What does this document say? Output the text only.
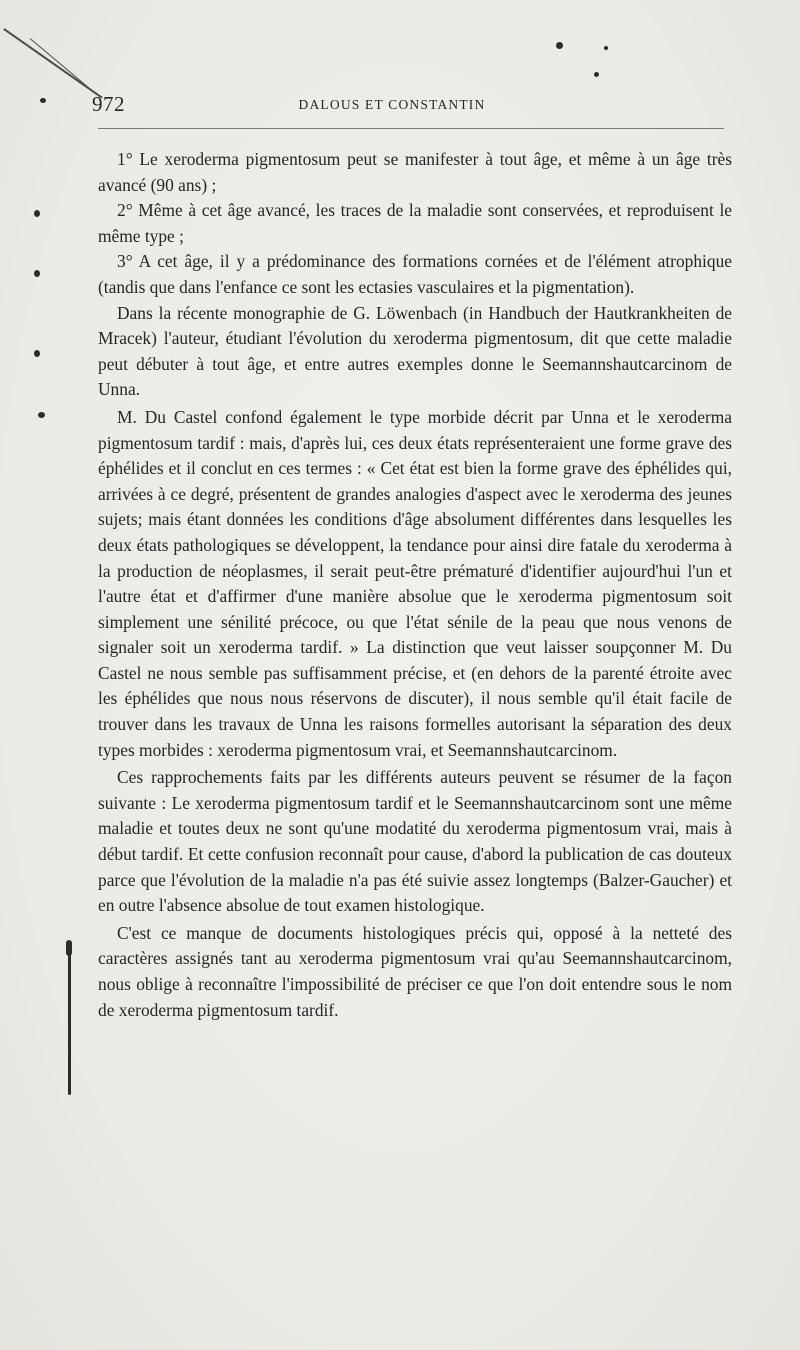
972	DALOUS ET CONSTANTIN

1° Le xeroderma pigmentosum peut se manifester à tout âge, et même à un âge très avancé (90 ans) ;

2° Même à cet âge avancé, les traces de la maladie sont conservées, et reproduisent le même type ;

3° A cet âge, il y a prédominance des formations cornées et de l'élément atrophique (tandis que dans l'enfance ce sont les ectasies vasculaires et la pigmentation).

Dans la récente monographie de G. Löwenbach (in Handbuch der Hautkrankheiten de Mracek) l'auteur, étudiant l'évolution du xeroderma pigmentosum, dit que cette maladie peut débuter à tout âge, et entre autres exemples donne le Seemannshautcarcinom de Unna.

M. Du Castel confond également le type morbide décrit par Unna et le xeroderma pigmentosum tardif : mais, d'après lui, ces deux états représenteraient une forme grave des éphélides et il conclut en ces termes : « Cet état est bien la forme grave des éphélides qui, arrivées à ce degré, présentent de grandes analogies d'aspect avec le xeroderma des jeunes sujets; mais étant données les conditions d'âge absolument différentes dans lesquelles les deux états pathologiques se développent, la tendance pour ainsi dire fatale du xeroderma à la production de néoplasmes, il serait peut-être prématuré d'identifier aujourd'hui l'un et l'autre état et d'affirmer d'une manière absolue que le xeroderma pigmentosum soit simplement une sénilité précoce, ou que l'état sénile de la peau que nous venons de signaler soit un xeroderma tardif. » La distinction que veut laisser soupçonner M. Du Castel ne nous semble pas suffisamment précise, et (en dehors de la parenté étroite avec les éphélides que nous nous réservons de discuter), il nous semble qu'il était facile de trouver dans les travaux de Unna les raisons formelles autorisant la séparation des deux types morbides : xeroderma pigmentosum vrai, et Seemannshautcarcinom.

Ces rapprochements faits par les différents auteurs peuvent se résumer de la façon suivante : Le xeroderma pigmentosum tardif et le Seemannshautcarcinom sont une même maladie et toutes deux ne sont qu'une modatité du xeroderma pigmentosum vrai, mais à début tardif. Et cette confusion reconnaît pour cause, d'abord la publication de cas douteux parce que l'évolution de la maladie n'a pas été suivie assez longtemps (Balzer-Gaucher) et en outre l'absence absolue de tout examen histologique.

C'est ce manque de documents histologiques précis qui, opposé à la netteté des caractères assignés tant au xeroderma pigmentosum vrai qu'au Seemannshautcarcinom, nous oblige à reconnaître l'impossibilité de préciser ce que l'on doit entendre sous le nom de xeroderma pigmentosum tardif.
